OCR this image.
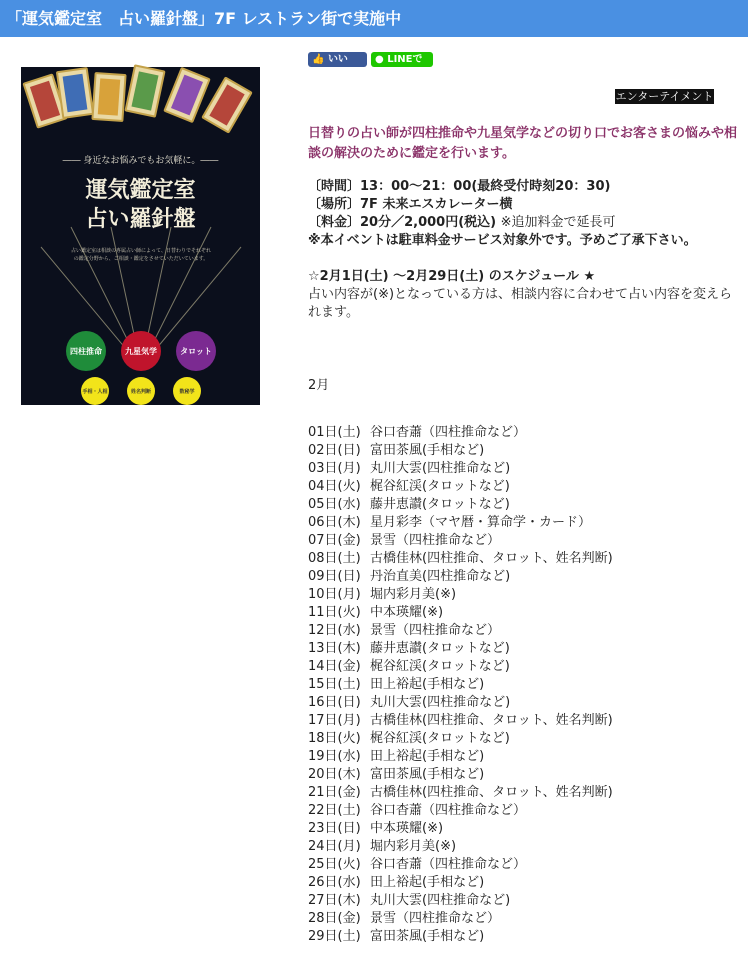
「運気鑑定室　占い羅針盤」7F レストラン街で実施中
―― 身近なお悩みでもお気軽に。――
運気鑑定室
占い羅針盤
占い鑑定室は相談の専属占い師によって、日替わりでそれぞれの鑑定分野から、ご相談・鑑定をさせていただいています。
四柱推命	九星気学	タロット
手相・人相	姓名判断	数秘学
鑑定時間
13:00〜21:00
最終受付時間：20:30
鑑定料金
20分／2,000円
追加料金で延長可
👍 いいね！
● LINEで送
エンターテイメント
日替りの占い師が四柱推命や九星気学などの切り口でお客さまの悩みや相談の解決のために鑑定を行います。
〔時間〕13：00〜21：00(最終受付時刻20：30)
〔場所〕7F 未来エスカレーター横
〔料金〕20分／2,000円(税込) ※追加料金で延長可
※本イベントは駐車料金サービス対象外です。予めご了承下さい。
☆2月1日(土) ～2月29日(土) のスケジュール ★
占い内容が(※)となっている方は、相談内容に合わせて占い内容を変えられます。
2月
01日(土) 谷口杳蕭（四柱推命など）
02日(日) 富田茶風(手相など)
03日(月) 丸川大雲(四柱推命など)
04日(火) 梶谷紅渓(タロットなど)
05日(水) 藤井恵讃(タロットなど)
06日(木) 星月彩李（マヤ暦・算命学・カード）
07日(金) 景雪（四柱推命など）
08日(土) 古橋佳林(四柱推命、タロット、姓名判断)
09日(日) 丹治直美(四柱推命など)
10日(月) 堀内彩月美(※)
11日(火) 中本瑛耀(※)
12日(水) 景雪（四柱推命など）
13日(木) 藤井恵讃(タロットなど)
14日(金) 梶谷紅渓(タロットなど)
15日(土) 田上裕起(手相など)
16日(日) 丸川大雲(四柱推命など)
17日(月) 古橋佳林(四柱推命、タロット、姓名判断)
18日(火) 梶谷紅渓(タロットなど)
19日(水) 田上裕起(手相など)
20日(木) 富田茶風(手相など)
21日(金) 古橋佳林(四柱推命、タロット、姓名判断)
22日(土) 谷口杳蕭（四柱推命など）
23日(日) 中本瑛耀(※)
24日(月) 堀内彩月美(※)
25日(火) 谷口杳蕭（四柱推命など）
26日(水) 田上裕起(手相など)
27日(木) 丸川大雲(四柱推命など)
28日(金) 景雪（四柱推命など）
29日(土) 富田茶風(手相など)
